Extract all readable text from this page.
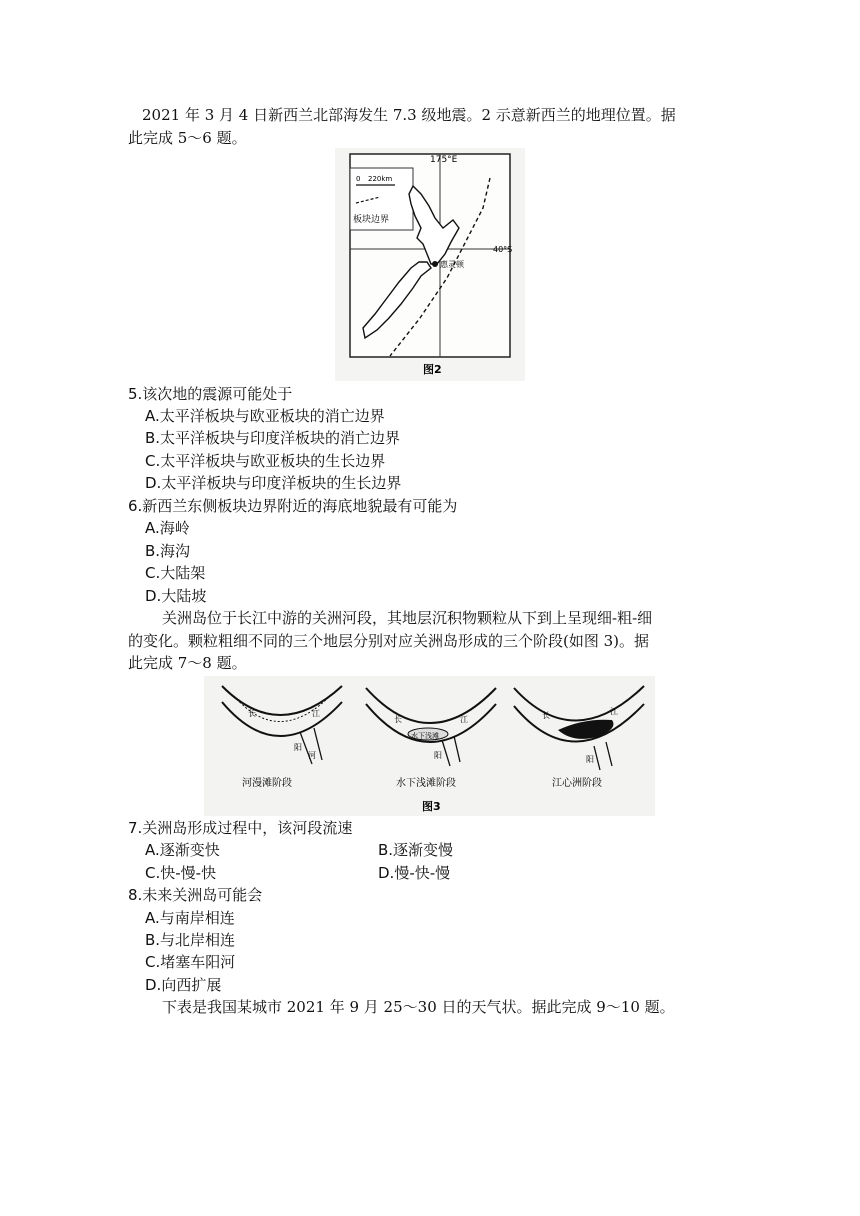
2021 年 3 月 4 日新西兰北部海发生 7.3 级地震。2 示意新西兰的地理位置。据
此完成 5～6 题。
0 220km
板块边界
175°E
40°S
惠灵顿
图2
5.该次地的震源可能处于
A.太平洋板块与欧亚板块的消亡边界
B.太平洋板块与印度洋板块的消亡边界
C.太平洋板块与欧亚板块的生长边界
D.太平洋板块与印度洋板块的生长边界
6.新西兰东侧板块边界附近的海底地貌最有可能为
A.海岭
B.海沟
C.大陆架
D.大陆坡
关洲岛位于长江中游的关洲河段，其地层沉积物颗粒从下到上呈现细-粗-细
的变化。颗粒粗细不同的三个地层分别对应关洲岛形成的三个阶段(如图 3)。据
此完成 7～8 题。
长	江
阳
河
长	江
水下浅滩
阳
长	江
阳
河漫滩阶段	水下浅滩阶段	江心洲阶段
图3
7.关洲岛形成过程中，该河段流速
A.逐渐变快	B.逐渐变慢
C.快-慢-快	D.慢-快-慢
8.未来关洲岛可能会
A.与南岸相连
B.与北岸相连
C.堵塞车阳河
D.向西扩展
下表是我国某城市 2021 年 9 月 25～30 日的天气状。据此完成 9～10 题。
